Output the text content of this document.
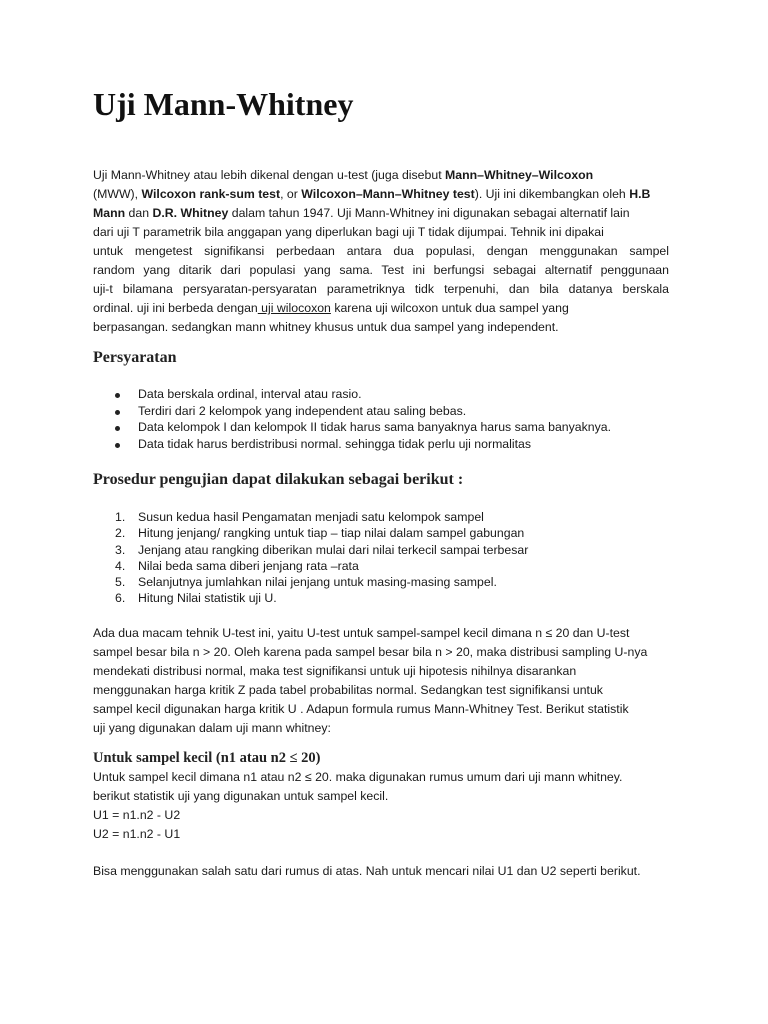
Uji Mann-Whitney
Uji Mann-Whitney atau lebih dikenal dengan u-test (juga disebut Mann–Whitney–Wilcoxon
(MWW), Wilcoxon rank-sum test, or Wilcoxon–Mann–Whitney test). Uji ini dikembangkan oleh H.B
Mann dan D.R. Whitney dalam tahun 1947. Uji Mann-Whitney ini digunakan sebagai alternatif lain
dari uji T parametrik bila anggapan yang diperlukan bagi uji T tidak dijumpai. Tehnik ini dipakai
untuk mengetest signifikansi perbedaan antara dua populasi, dengan menggunakan sampel
random yang ditarik dari populasi yang sama. Test ini berfungsi sebagai alternatif penggunaan
uji-t bilamana persyaratan-persyaratan parametriknya tidk terpenuhi, dan bila datanya berskala
ordinal. uji ini berbeda dengan uji wilocoxon karena uji wilcoxon untuk dua sampel yang
berpasangan. sedangkan mann whitney khusus untuk dua sampel yang independent.
Persyaratan
Data berskala ordinal, interval atau rasio.
Terdiri dari 2 kelompok yang independent atau saling bebas.
Data kelompok I dan kelompok II tidak harus sama banyaknya harus sama banyaknya.
Data tidak harus berdistribusi normal. sehingga tidak perlu uji normalitas
Prosedur pengujian dapat dilakukan sebagai berikut :
1. Susun kedua hasil Pengamatan menjadi satu kelompok sampel
2. Hitung jenjang/ rangking untuk tiap – tiap nilai dalam sampel gabungan
3. Jenjang atau rangking diberikan mulai dari nilai terkecil sampai terbesar
4. Nilai beda sama diberi jenjang rata –rata
5. Selanjutnya jumlahkan nilai jenjang untuk masing-masing sampel.
6. Hitung Nilai statistik uji U.
Ada dua macam tehnik U-test ini, yaitu U-test untuk sampel-sampel kecil dimana n ≤ 20 dan U-test
sampel besar bila n > 20. Oleh karena pada sampel besar bila n > 20, maka distribusi sampling U-nya
mendekati distribusi normal, maka test signifikansi untuk uji hipotesis nihilnya disarankan
menggunakan harga kritik Z pada tabel probabilitas normal. Sedangkan test signifikansi untuk
sampel kecil digunakan harga kritik U . Adapun formula rumus Mann-Whitney Test. Berikut statistik
uji yang digunakan dalam uji mann whitney:
Untuk sampel kecil (n1 atau n2 ≤ 20)
Untuk sampel kecil dimana n1 atau n2 ≤ 20. maka digunakan rumus umum dari uji mann whitney.
berikut statistik uji yang digunakan untuk sampel kecil.
U1 = n1.n2 - U2
U2 = n1.n2 - U1
Bisa menggunakan salah satu dari rumus di atas. Nah untuk mencari nilai U1 dan U2 seperti berikut.
